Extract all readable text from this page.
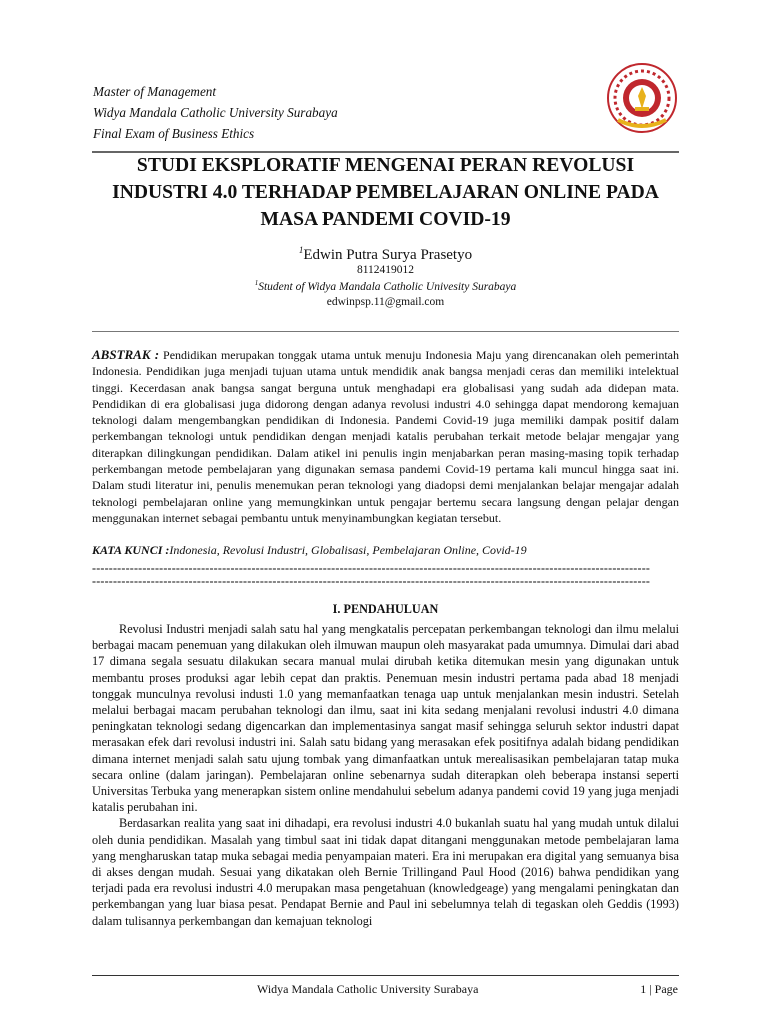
Master of Management
Widya Mandala Catholic University Surabaya
Final Exam of Business Ethics
STUDI EKSPLORATIF MENGENAI PERAN REVOLUSI
INDUSTRI 4.0 TERHADAP PEMBELAJARAN ONLINE PADA
MASA PANDEMI COVID-19
$^1$Edwin Putra Surya Prasetyo
8112419012
$^1$Student of Widya Mandala Catholic Univesity Surabaya
edwinpsp.11@gmail.com
ABSTRAK : Pendidikan merupakan tonggak utama untuk menuju Indonesia Maju yang direncanakan oleh pemerintah Indonesia. Pendidikan juga menjadi tujuan utama untuk mendidik anak bangsa menjadi ceras dan memiliki intelektual tinggi. Kecerdasan anak bangsa sangat berguna untuk menghadapi era globalisasi yang sudah ada didepan mata. Pendidikan di era globalisasi juga didorong dengan adanya revolusi industri 4.0 sehingga dapat mendorong kemajuan teknologi dalam mengembangkan pendidikan di Indonesia. Pandemi Covid-19 juga memiliki dampak positif dalam perkembangan teknologi untuk pendidikan dengan menjadi katalis perubahan terkait metode belajar mengajar yang diterapkan dilingkungan pendidikan. Dalam atikel ini penulis ingin menjabarkan peran masing-masing topik terhadap perkembangan metode pembelajaran yang digunakan semasa pandemi Covid-19 pertama kali muncul hingga saat ini. Dalam studi literatur ini, penulis menemukan peran teknologi yang diadopsi demi menjalankan belajar mengajar adalah teknologi pembelajaran online yang memungkinkan untuk pengajar bertemu secara langsung dengan pelajar dengan menggunakan internet sebagai pembantu untuk menyinambungkan kegiatan tersebut.
KATA KUNCI :Indonesia, Revolusi Industri, Globalisasi, Pembelajaran Online, Covid-19
-------------------------------------------------------------------------------------------------------------------------------------
-------------------------------------------------------------------------------------------------------------------------------------
I. PENDAHULUAN

Revolusi Industri menjadi salah satu hal yang mengkatalis percepatan perkembangan teknologi dan ilmu melalui berbagai macam penemuan yang dilakukan oleh ilmuwan maupun oleh masyarakat pada umumnya. Dimulai dari abad 17 dimana segala sesuatu dilakukan secara manual mulai dirubah ketika ditemukan mesin yang digunakan untuk membantu proses produksi agar lebih cepat dan praktis. Penemuan mesin industri pertama pada abad 18 menjadi tonggak munculnya revolusi industi 1.0 yang memanfaatkan tenaga uap untuk menjalankan mesin industri. Setelah melalui berbagai macam perubahan teknologi dan ilmu, saat ini kita sedang menjalani revolusi industri 4.0 dimana peningkatan teknologi sedang digencarkan dan implementasinya sangat masif sehingga seluruh sektor industri dapat merasakan efek dari revolusi industri ini. Salah satu bidang yang merasakan efek positifnya adalah bidang pendidikan dimana internet menjadi salah satu ujung tombak yang dimanfaatkan untuk merealisasikan pembelajaran tatap muka secara online (dalam jaringan). Pembelajaran online sebenarnya sudah diterapkan oleh beberapa instansi seperti Universitas Terbuka yang menerapkan sistem online mendahului sebelum adanya pandemi covid 19 yang juga menjadi katalis perubahan ini.

Berdasarkan realita yang saat ini dihadapi, era revolusi industri 4.0 bukanlah suatu hal yang mudah untuk dilalui oleh dunia pendidikan. Masalah yang timbul saat ini tidak dapat ditangani menggunakan metode pembelajaran lama yang mengharuskan tatap muka sebagai media penyampaian materi. Era ini merupakan era digital yang semuanya bisa di akses dengan mudah. Sesuai yang dikatakan oleh Bernie Trillingand Paul Hood (2016) bahwa pendidikan yang terjadi pada era revolusi industri 4.0 merupakan masa pengetahuan (knowledgeage) yang mengalami peningkatan dan perkembangan yang luar biasa pesat. Pendapat Bernie and Paul ini sebelumnya telah di tegaskan oleh Geddis (1993) dalam tulisannya perkembangan dan kemajuan teknologi

Widya Mandala Catholic University Surabaya	1 | Page
